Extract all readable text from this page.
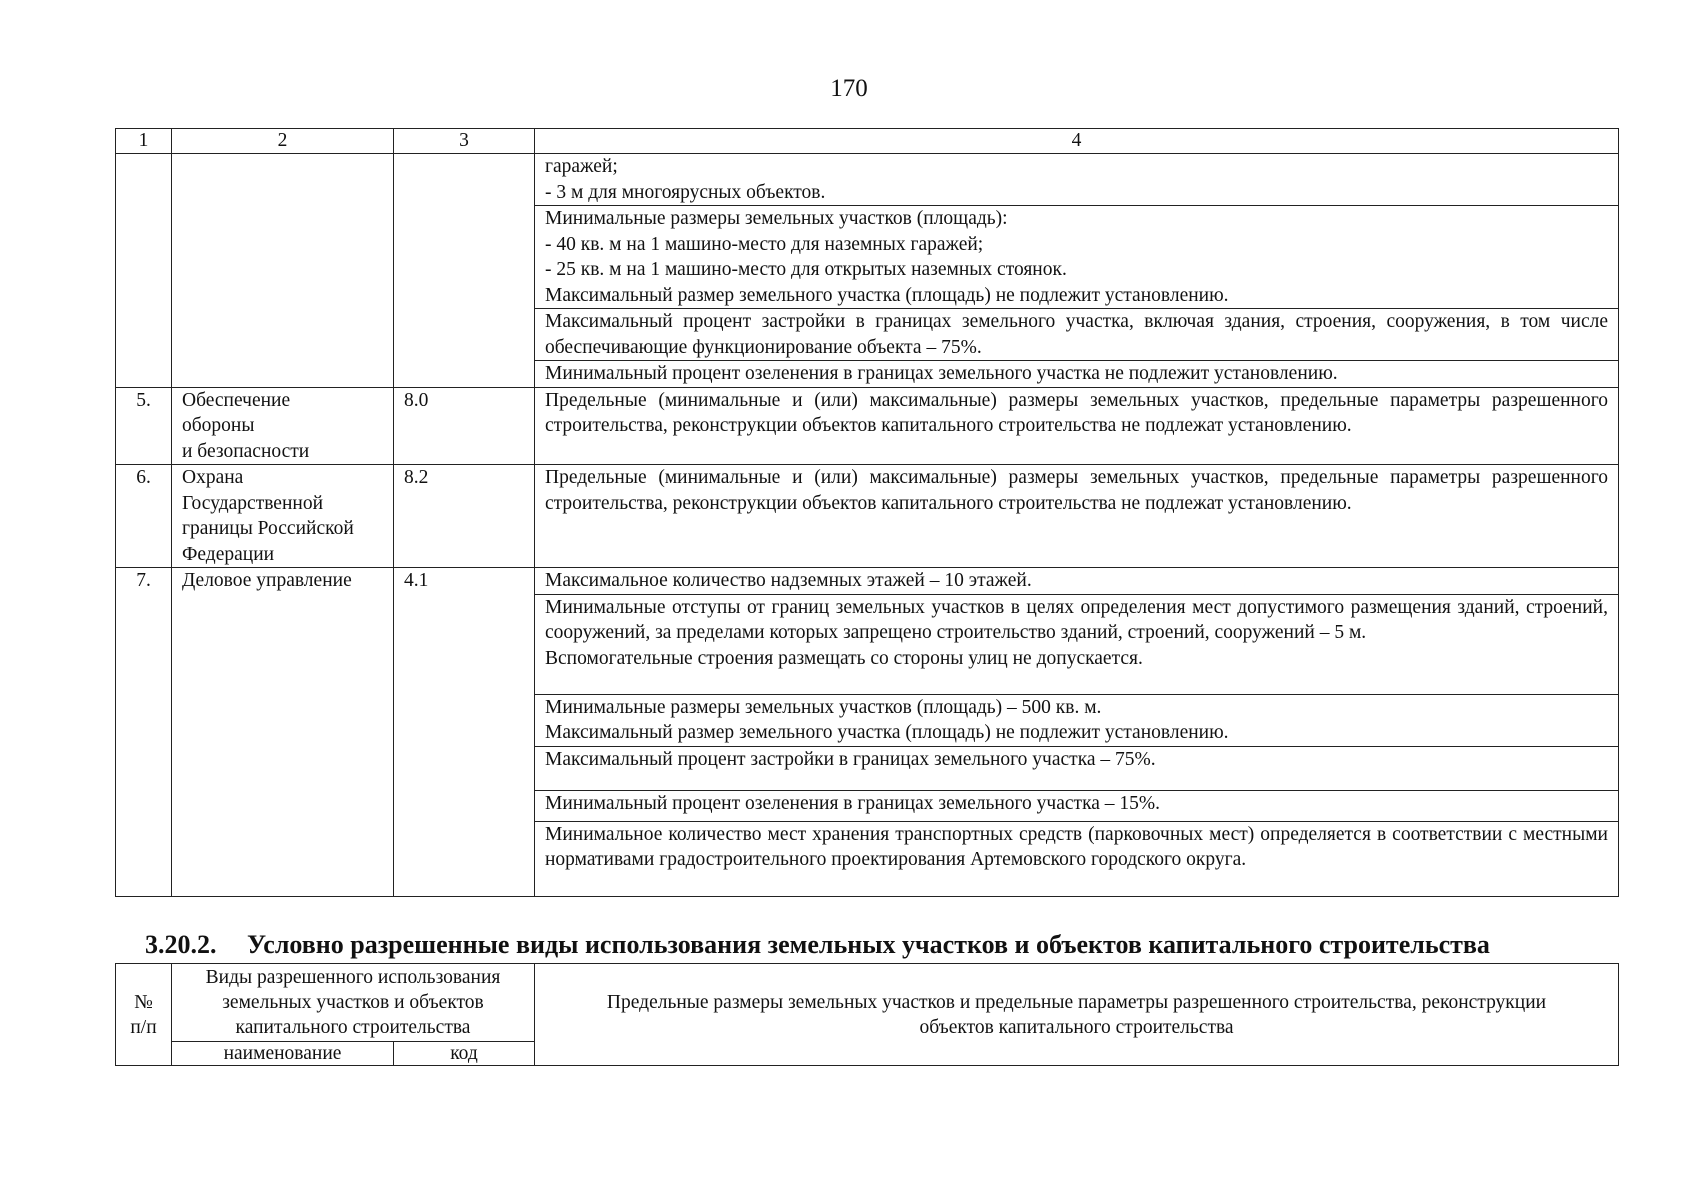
170
1	2	3	4

			гаражей;
- 3 м для многоярусных объектов.

			Минимальные размеры земельных участков (площадь):
- 40 кв. м на 1 машино-место для наземных гаражей;
- 25 кв. м на 1 машино-место для открытых наземных стоянок.
Максимальный размер земельного участка (площадь) не подлежит установлению.

			Максимальный процент застройки в границах земельного участка, включая здания, строения, сооружения, в том числе обеспечивающие функционирование объекта – 75%.

			Минимальный процент озеленения в границах земельного участка не подлежит установлению.

5.	Обеспечение
обороны
и безопасности	8.0	Предельные (минимальные и (или) максимальные) размеры земельных участков, предельные параметры разрешенного строительства, реконструкции объектов капитального строительства не подлежат установлению.

6.	Охрана
Государственной
границы Российской
Федерации	8.2	Предельные (минимальные и (или) максимальные) размеры земельных участков, предельные параметры разрешенного строительства, реконструкции объектов капитального строительства не подлежат установлению.

7.	Деловое управление	4.1	Максимальное количество надземных этажей – 10 этажей.

			Минимальные отступы от границ земельных участков в целях определения мест допустимого размещения зданий, строений, сооружений, за пределами которых запрещено строительство зданий, строений, сооружений – 5 м.
Вспомогательные строения размещать со стороны улиц не допускается.

			Минимальные размеры земельных участков (площадь) – 500 кв. м.
Максимальный размер земельного участка (площадь) не подлежит установлению.

			Максимальный процент застройки в границах земельного участка – 75%.

			Минимальный процент озеленения в границах земельного участка – 15%.

			Минимальное количество мест хранения транспортных средств (парковочных мест) определяется в соответствии с местными нормативами градостроительного проектирования Артемовского городского округа.
3.20.2. Условно разрешенные виды использования земельных участков и объектов капитального строительства
№ п/п	Виды разрешенного использования земельных участков и объектов капитального строительства		Предельные размеры земельных участков и предельные параметры разрешенного строительства, реконструкции объектов капитального строительства

	наименование	код	
